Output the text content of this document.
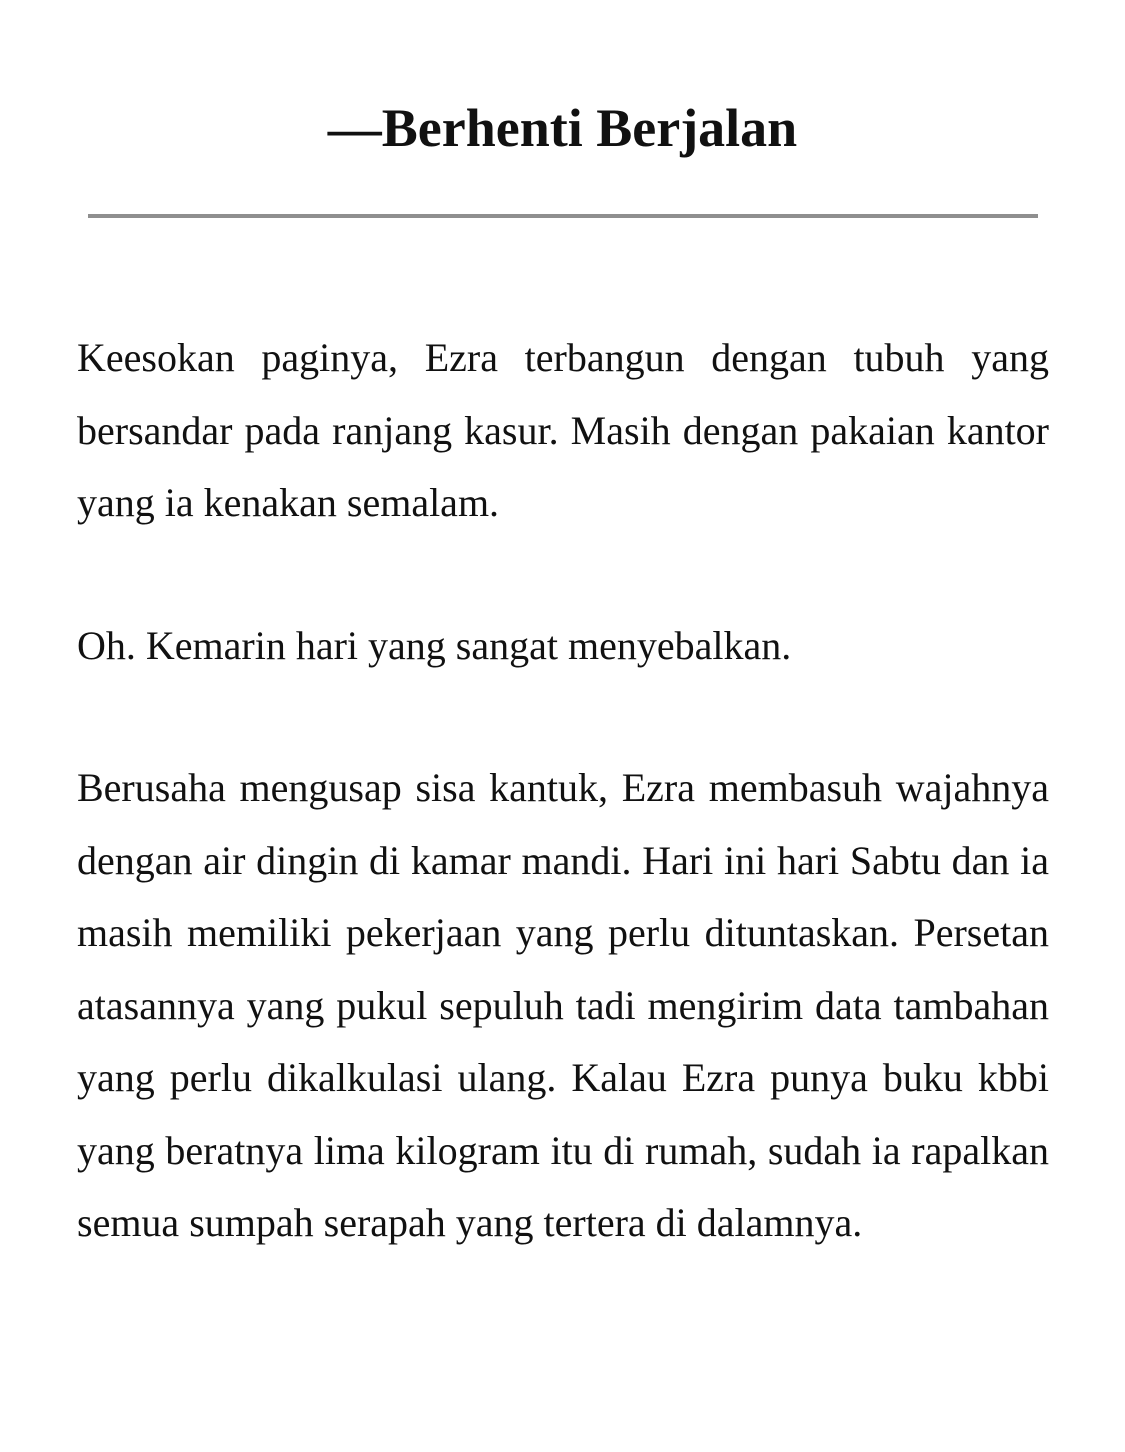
—Berhenti Berjalan

Keesokan paginya, Ezra terbangun dengan tubuh yang bersandar pada ranjang kasur. Masih dengan pakaian kantor yang ia kenakan semalam.

Oh. Kemarin hari yang sangat menyebalkan.

Berusaha mengusap sisa kantuk, Ezra membasuh wajahnya dengan air dingin di kamar mandi. Hari ini hari Sabtu dan ia masih memiliki pekerjaan yang perlu dituntaskan. Persetan atasannya yang pukul sepuluh tadi mengirim data tambahan yang perlu dikalkulasi ulang. Kalau Ezra punya buku kbbi yang beratnya lima kilogram itu di rumah, sudah ia rapalkan semua sumpah serapah yang tertera di dalamnya.
